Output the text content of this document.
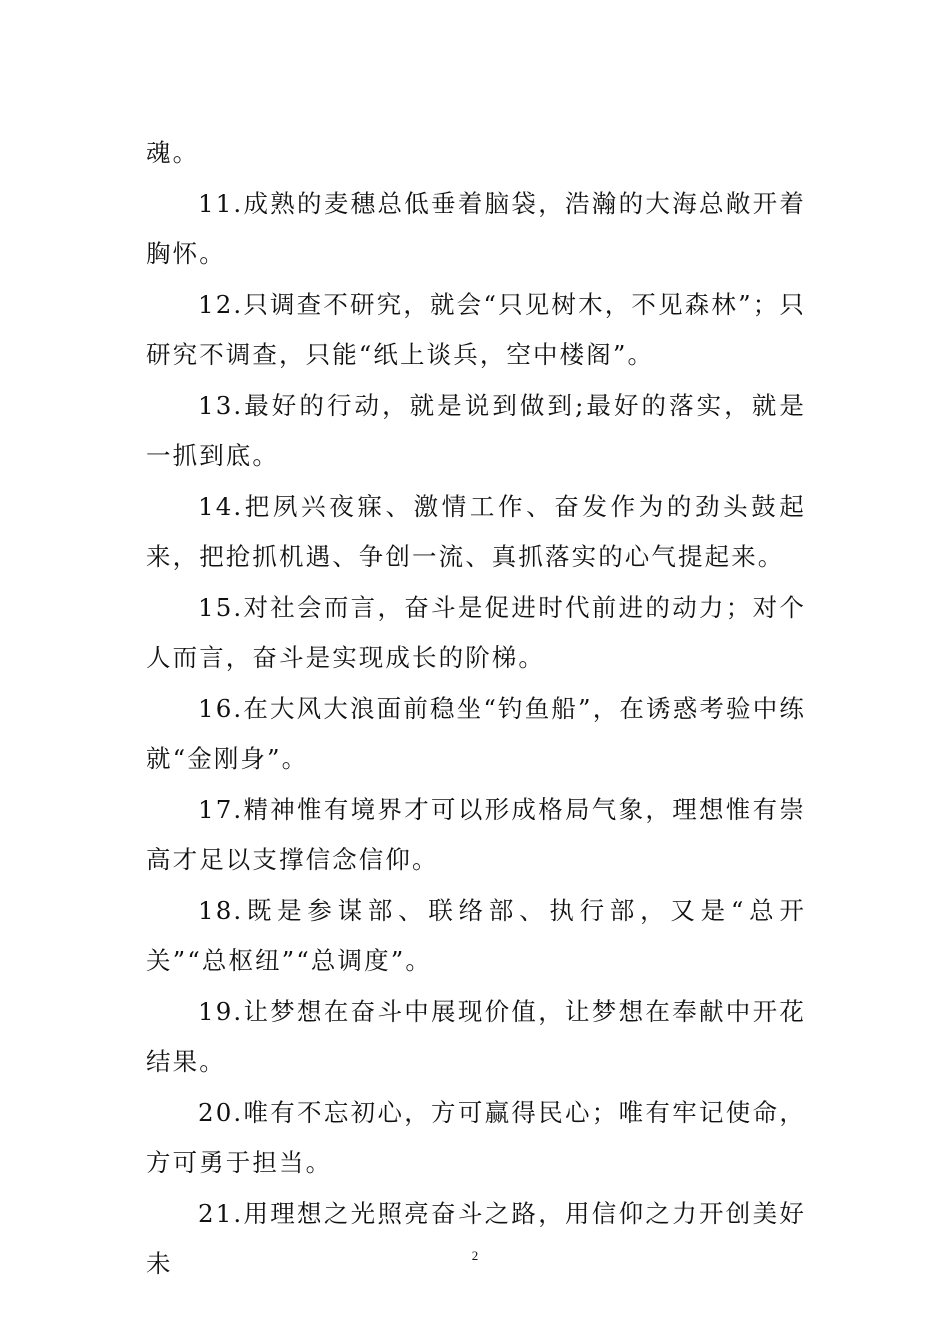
魂。

11.成熟的麦穗总低垂着脑袋，浩瀚的大海总敞开着胸怀。

12.只调查不研究，就会“只见树木，不见森林”；只研究不调查，只能“纸上谈兵，空中楼阁”。

13.最好的行动，就是说到做到;最好的落实，就是一抓到底。

14.把夙兴夜寐、激情工作、奋发作为的劲头鼓起来，把抢抓机遇、争创一流、真抓落实的心气提起来。

15.对社会而言，奋斗是促进时代前进的动力；对个人而言，奋斗是实现成长的阶梯。

16.在大风大浪面前稳坐“钓鱼船”，在诱惑考验中练就“金刚身”。

17.精神惟有境界才可以形成格局气象，理想惟有崇高才足以支撑信念信仰。

18.既是参谋部、联络部、执行部，又是“总开关”“总枢纽”“总调度”。

19.让梦想在奋斗中展现价值，让梦想在奉献中开花结果。

20.唯有不忘初心，方可赢得民心；唯有牢记使命，方可勇于担当。

21.用理想之光照亮奋斗之路，用信仰之力开创美好未	2
